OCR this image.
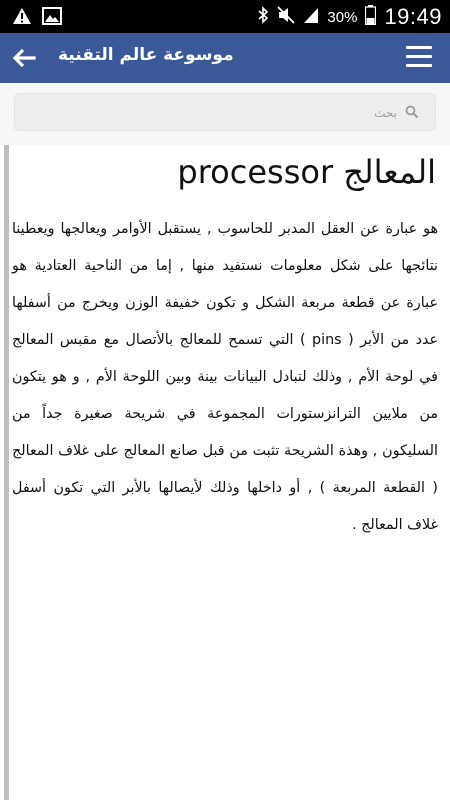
30% 19:49
موسوعة عالم التقنية
بحث
المعالج processor

هو عبارة عن العقل المدبر للحاسوب , يستقبل الأوامر ويعالجها ويعطينا نتائجها على شكل معلومات نستفيد منها , إما من الناحية العتادية هو عبارة عن قطعة مربعة الشكل و تكون خفيفة الوزن ويخرج من أسفلها عدد من الأبر ( pins ) التي تسمح للمعالج بالأتصال مع مقبس المعالج في لوحة الأم , وذلك لتبادل البيانات بينة وبين اللوحة الأم , و هو يتكون من ملايين الترانزستورات المجموعة في شريحة صغيرة جداً من السليكون , وهذة الشريحة تثبت من قبل صانع المعالج على غلاف المعالج ( القطعة المربعة ) , أو داخلها وذلك لأيصالها بالأبر التي تكون أسفل غلاف المعالج .
